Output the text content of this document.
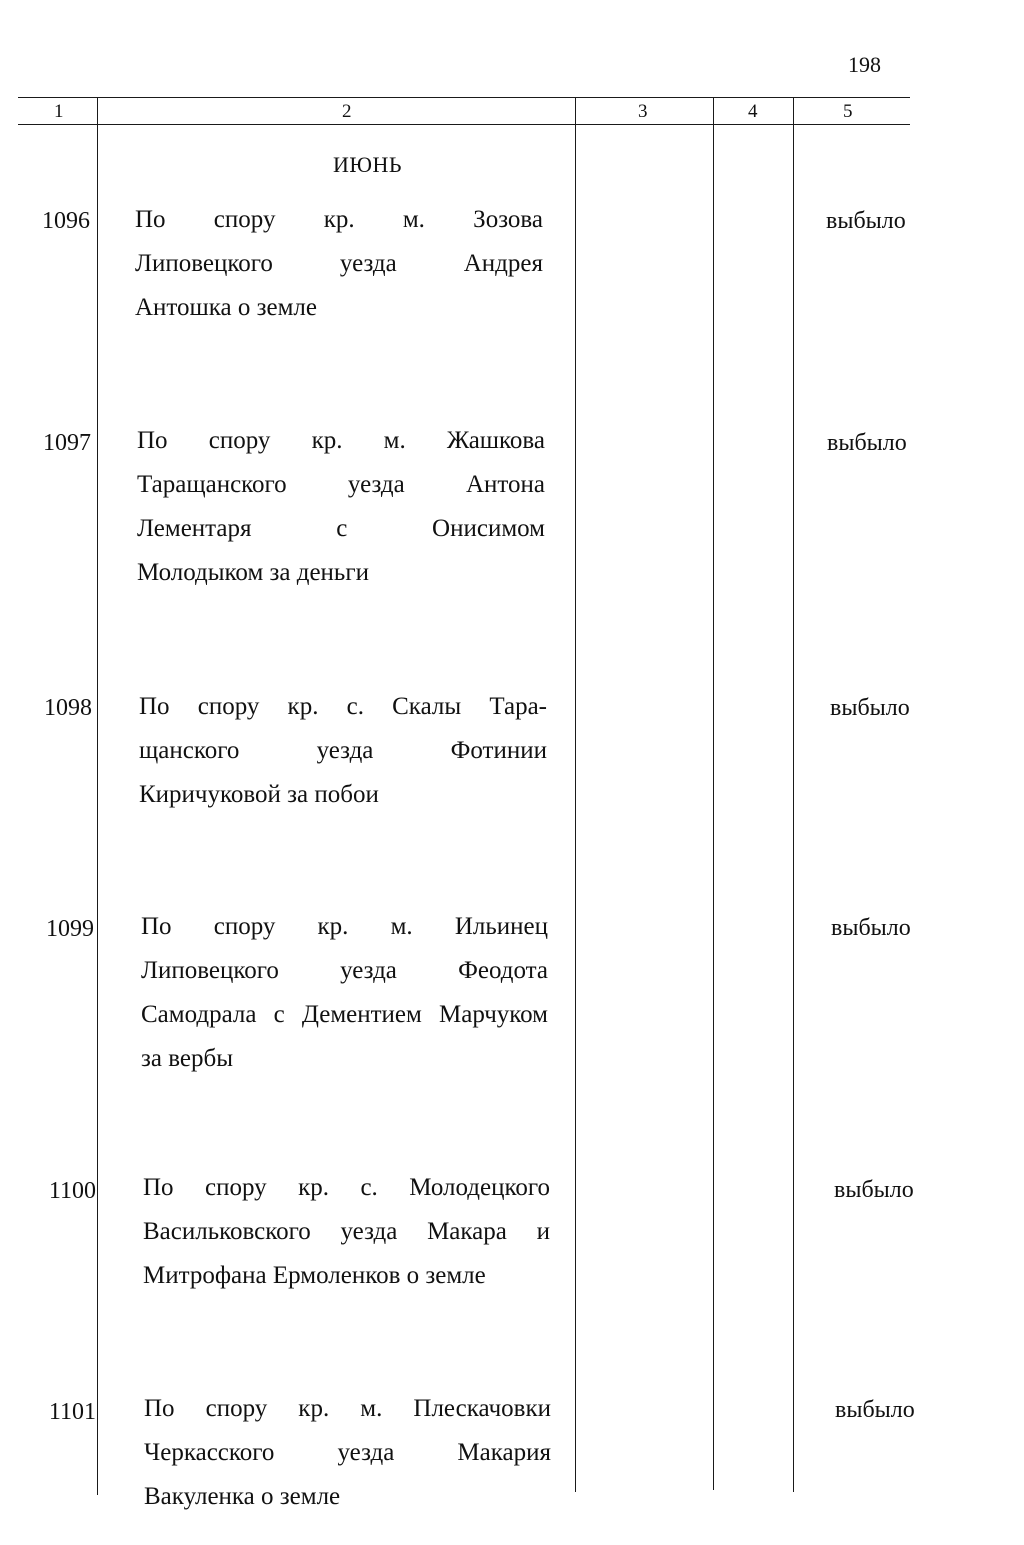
198
1	2	3	4	5
ИЮНЬ
1096 По спору кр. м. Зозова
Липовецкого уезда Андрея
Антошка о земле
выбыло
1097 По спору кр. м. Жашкова
Таращанского уезда Антона
Лементаря с Онисимом
Молодыком за деньги
выбыло
1098 По спору кр. с. Скалы Тара-
щанского уезда Фотинии
Киричуковой за побои
выбыло
1099 По спору кр. м. Ильинец
Липовецкого уезда Феодота
Самодрала с Дементием Марчуком
за вербы
выбыло
1100 По спору кр. с. Молодецкого
Васильковского уезда Макара и
Митрофана Ермоленков о земле
выбыло
1101 По спору кр. м. Плескачовки
Черкасского уезда Макария
Вакуленка о земле
выбыло
